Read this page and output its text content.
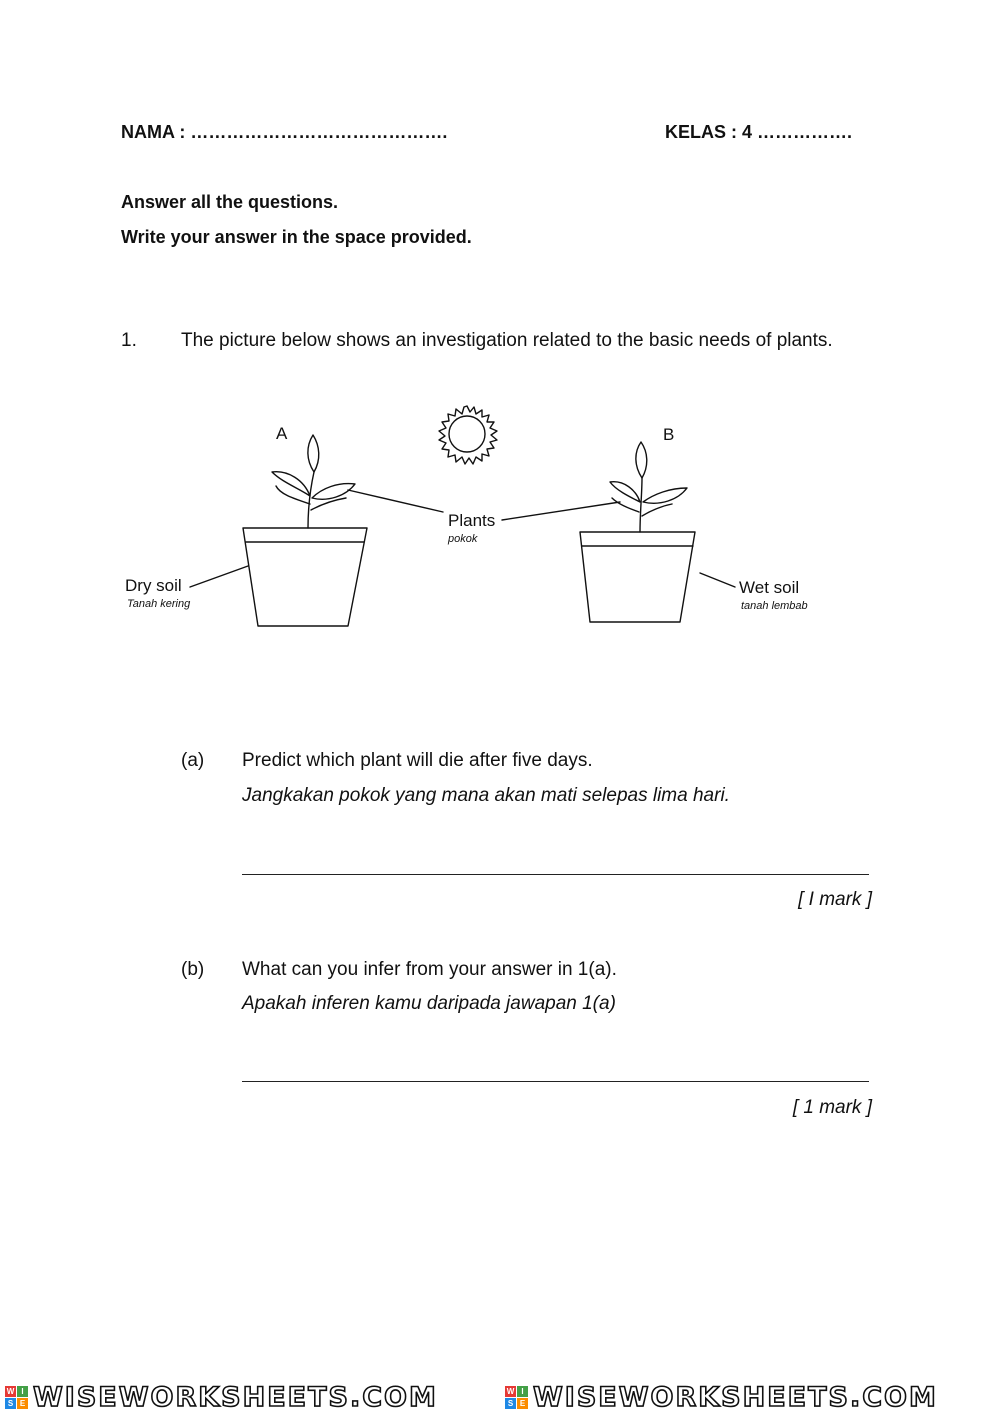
NAMA : …………………………………….	KELAS : 4 …………….
Answer all the questions.
Write your answer in the space provided.
1. The picture below shows an investigation related to the basic needs of plants.
A	B
Plants
pokok
Dry soil
Tanah kering
Wet soil
tanah lembab
(a) Predict which plant will die after five days.
Jangkakan pokok yang mana akan mati selepas lima hari.
[ I mark ]
(b) What can you infer from your answer in 1(a).
Apakah inferen kamu daripada jawapan 1(a)
[ 1 mark ]
W I
S E WISEWORKSHEETS.COM	W I
S E WISEWORKSHEETS.COM
